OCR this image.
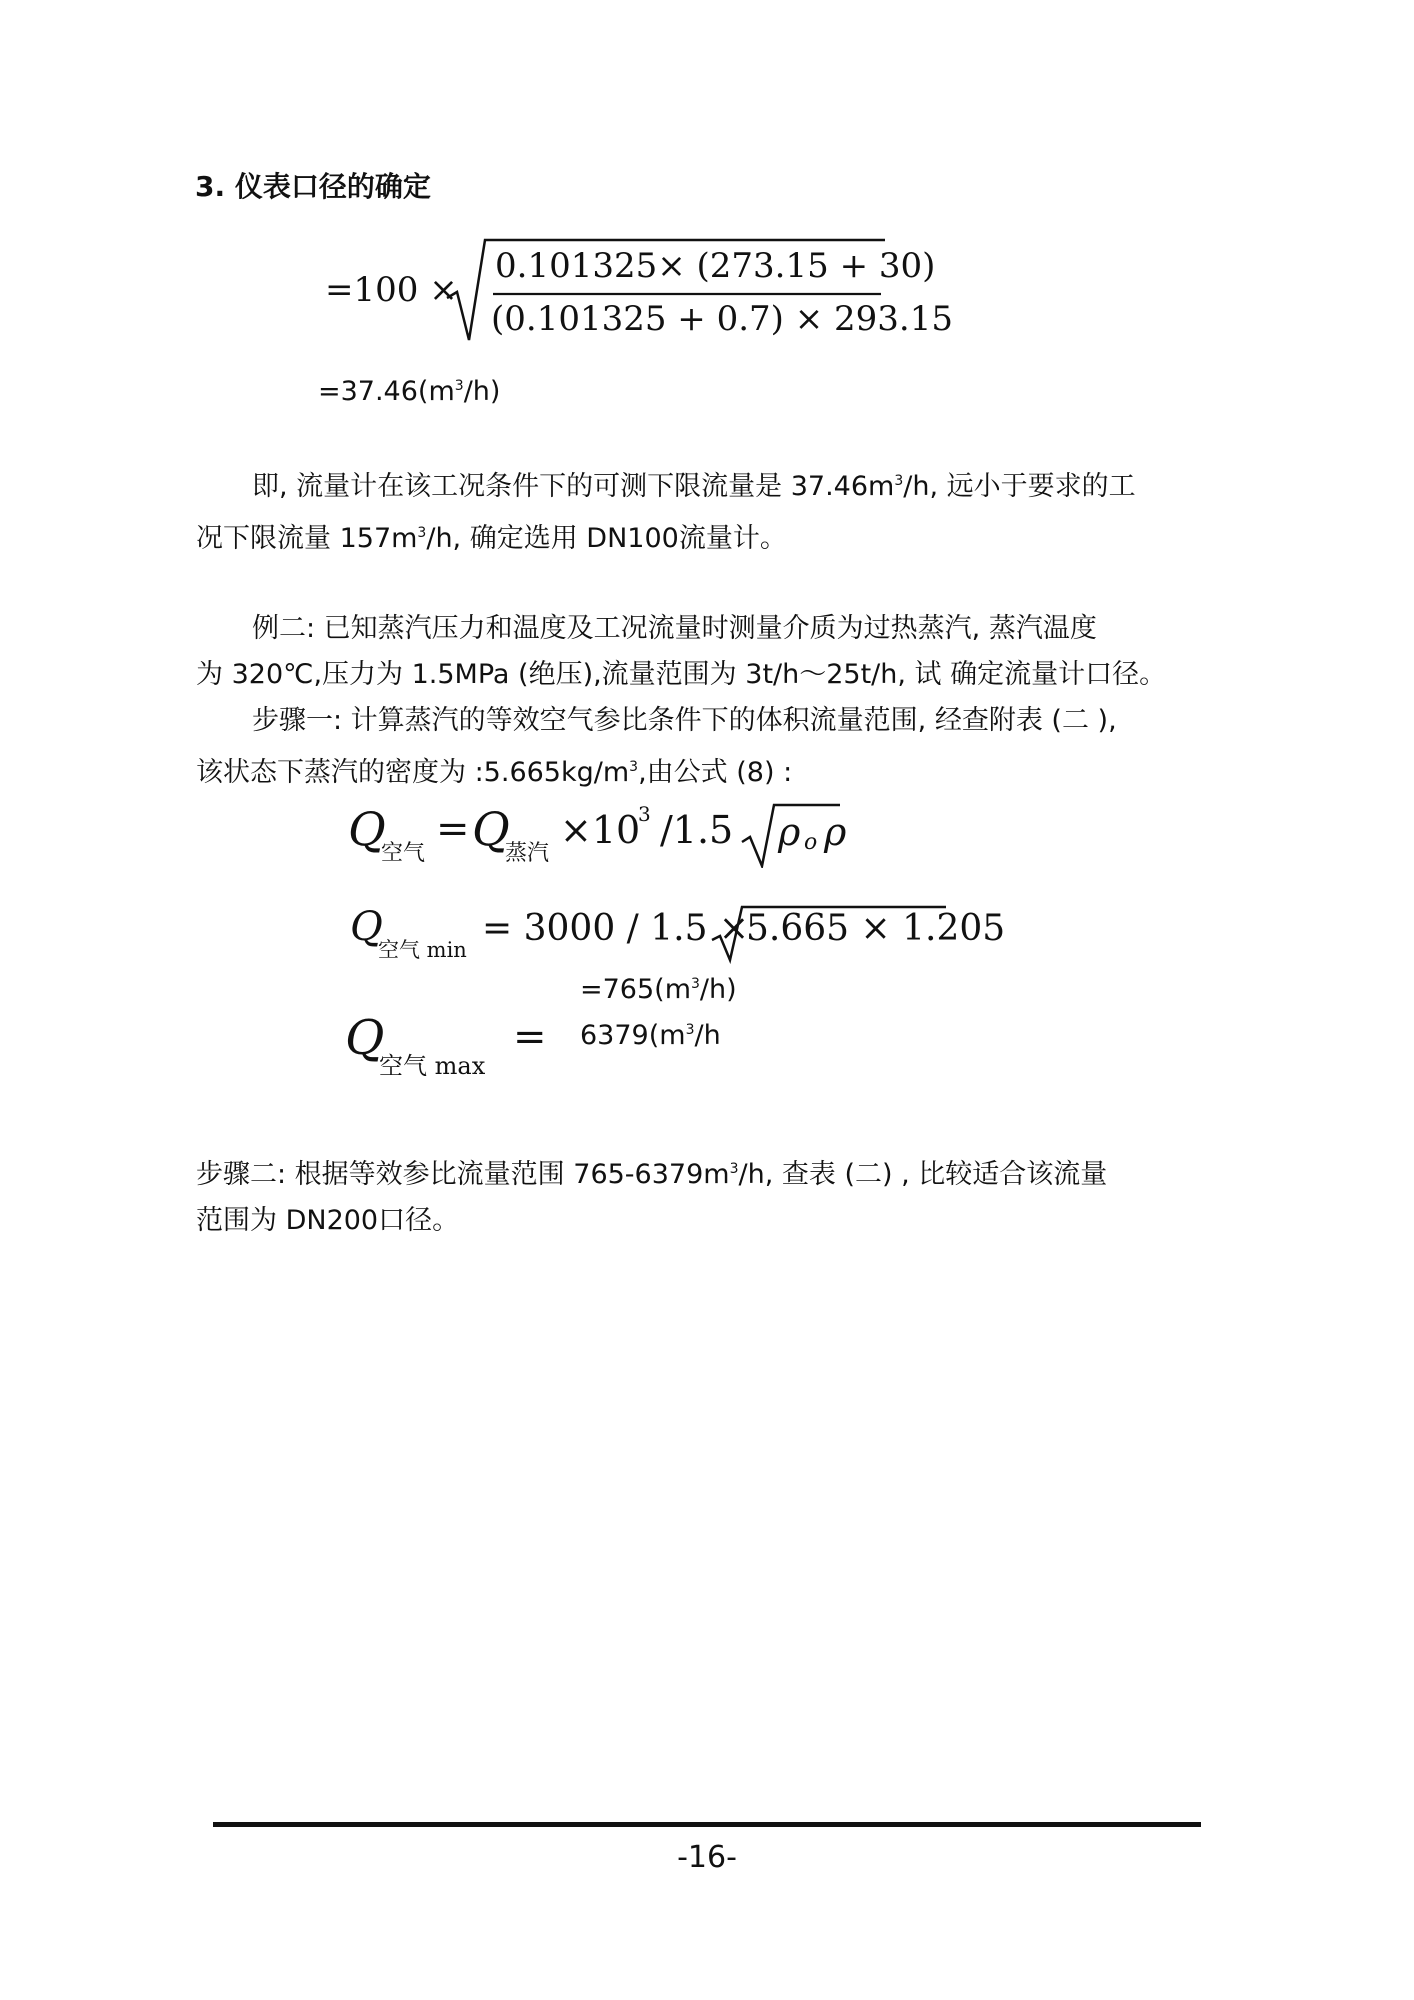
3. 仪表口径的确定
=100 ×
0.101325× (273.15 + 30)
(0.101325 + 0.7) × 293.15
$=37.46(m^3/h)$
即, 流量计在该工况条件下的可测下限流量是 $37.46m^3/h$, 远小于要求的工
况下限流量 $157m^3/h$, 确定选用 DN100流量计。
例二: 已知蒸汽压力和温度及工况流量时测量介质为过热蒸汽, 蒸汽温度
为 320℃,压力为 1.5MPa (绝压),流量范围为 3t/h～25t/h, 试 确定流量计口径。
步骤一: 计算蒸汽的等效空气参比条件下的体积流量范围, 经查附表 (二 ),
该状态下蒸汽的密度为 $:5.665kg/m^3$,由公式 (8) :
Q
空气
= Q
蒸汽
×10
3 /1.5 ρ o ρ
Q
空气 min
= 3000 / 1.5 ×
5.665 × 1.205
$=765(m^3/h)$
Q
空气 max
= $6379(m^3/h$
步骤二: 根据等效参比流量范围 $765-6379m^3/h$, 查表 (二) , 比较适合该流量
范围为 DN200口径。
-16-
